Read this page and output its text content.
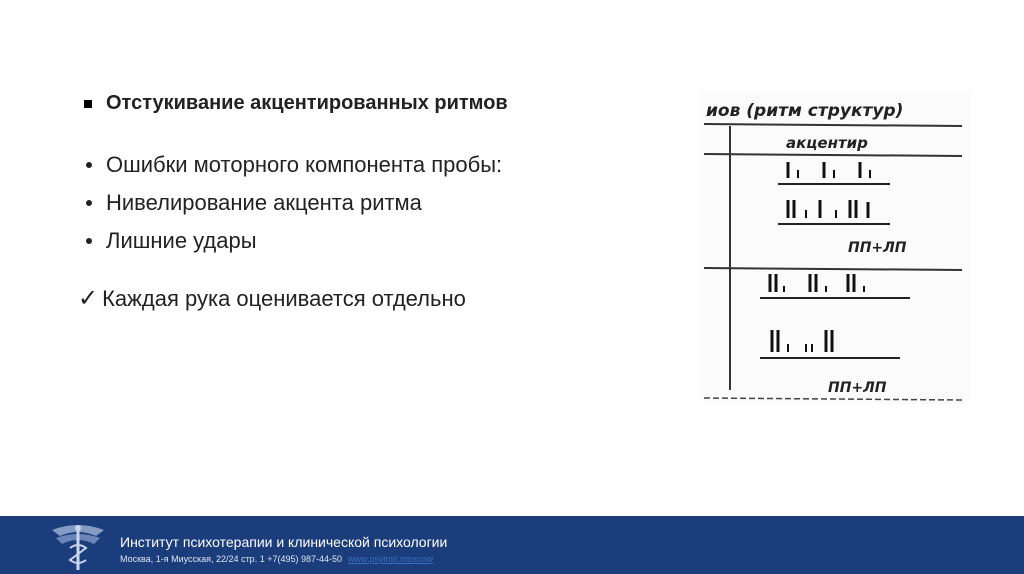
Отстукивание акцентированных ритмов
Ошибки моторного компонента пробы:
Нивелирование акцента ритма
Лишние удары
✓ Каждая рука оценивается отдельно
иов (ритм структур)
акцентир
ПП+ЛП
ПП+ЛП
Институт психотерапии и клинической психологии
Москва, 1-я Миусская, 22/24 стр. 1 +7(495) 987-44-50 www.psyinst.moscow
